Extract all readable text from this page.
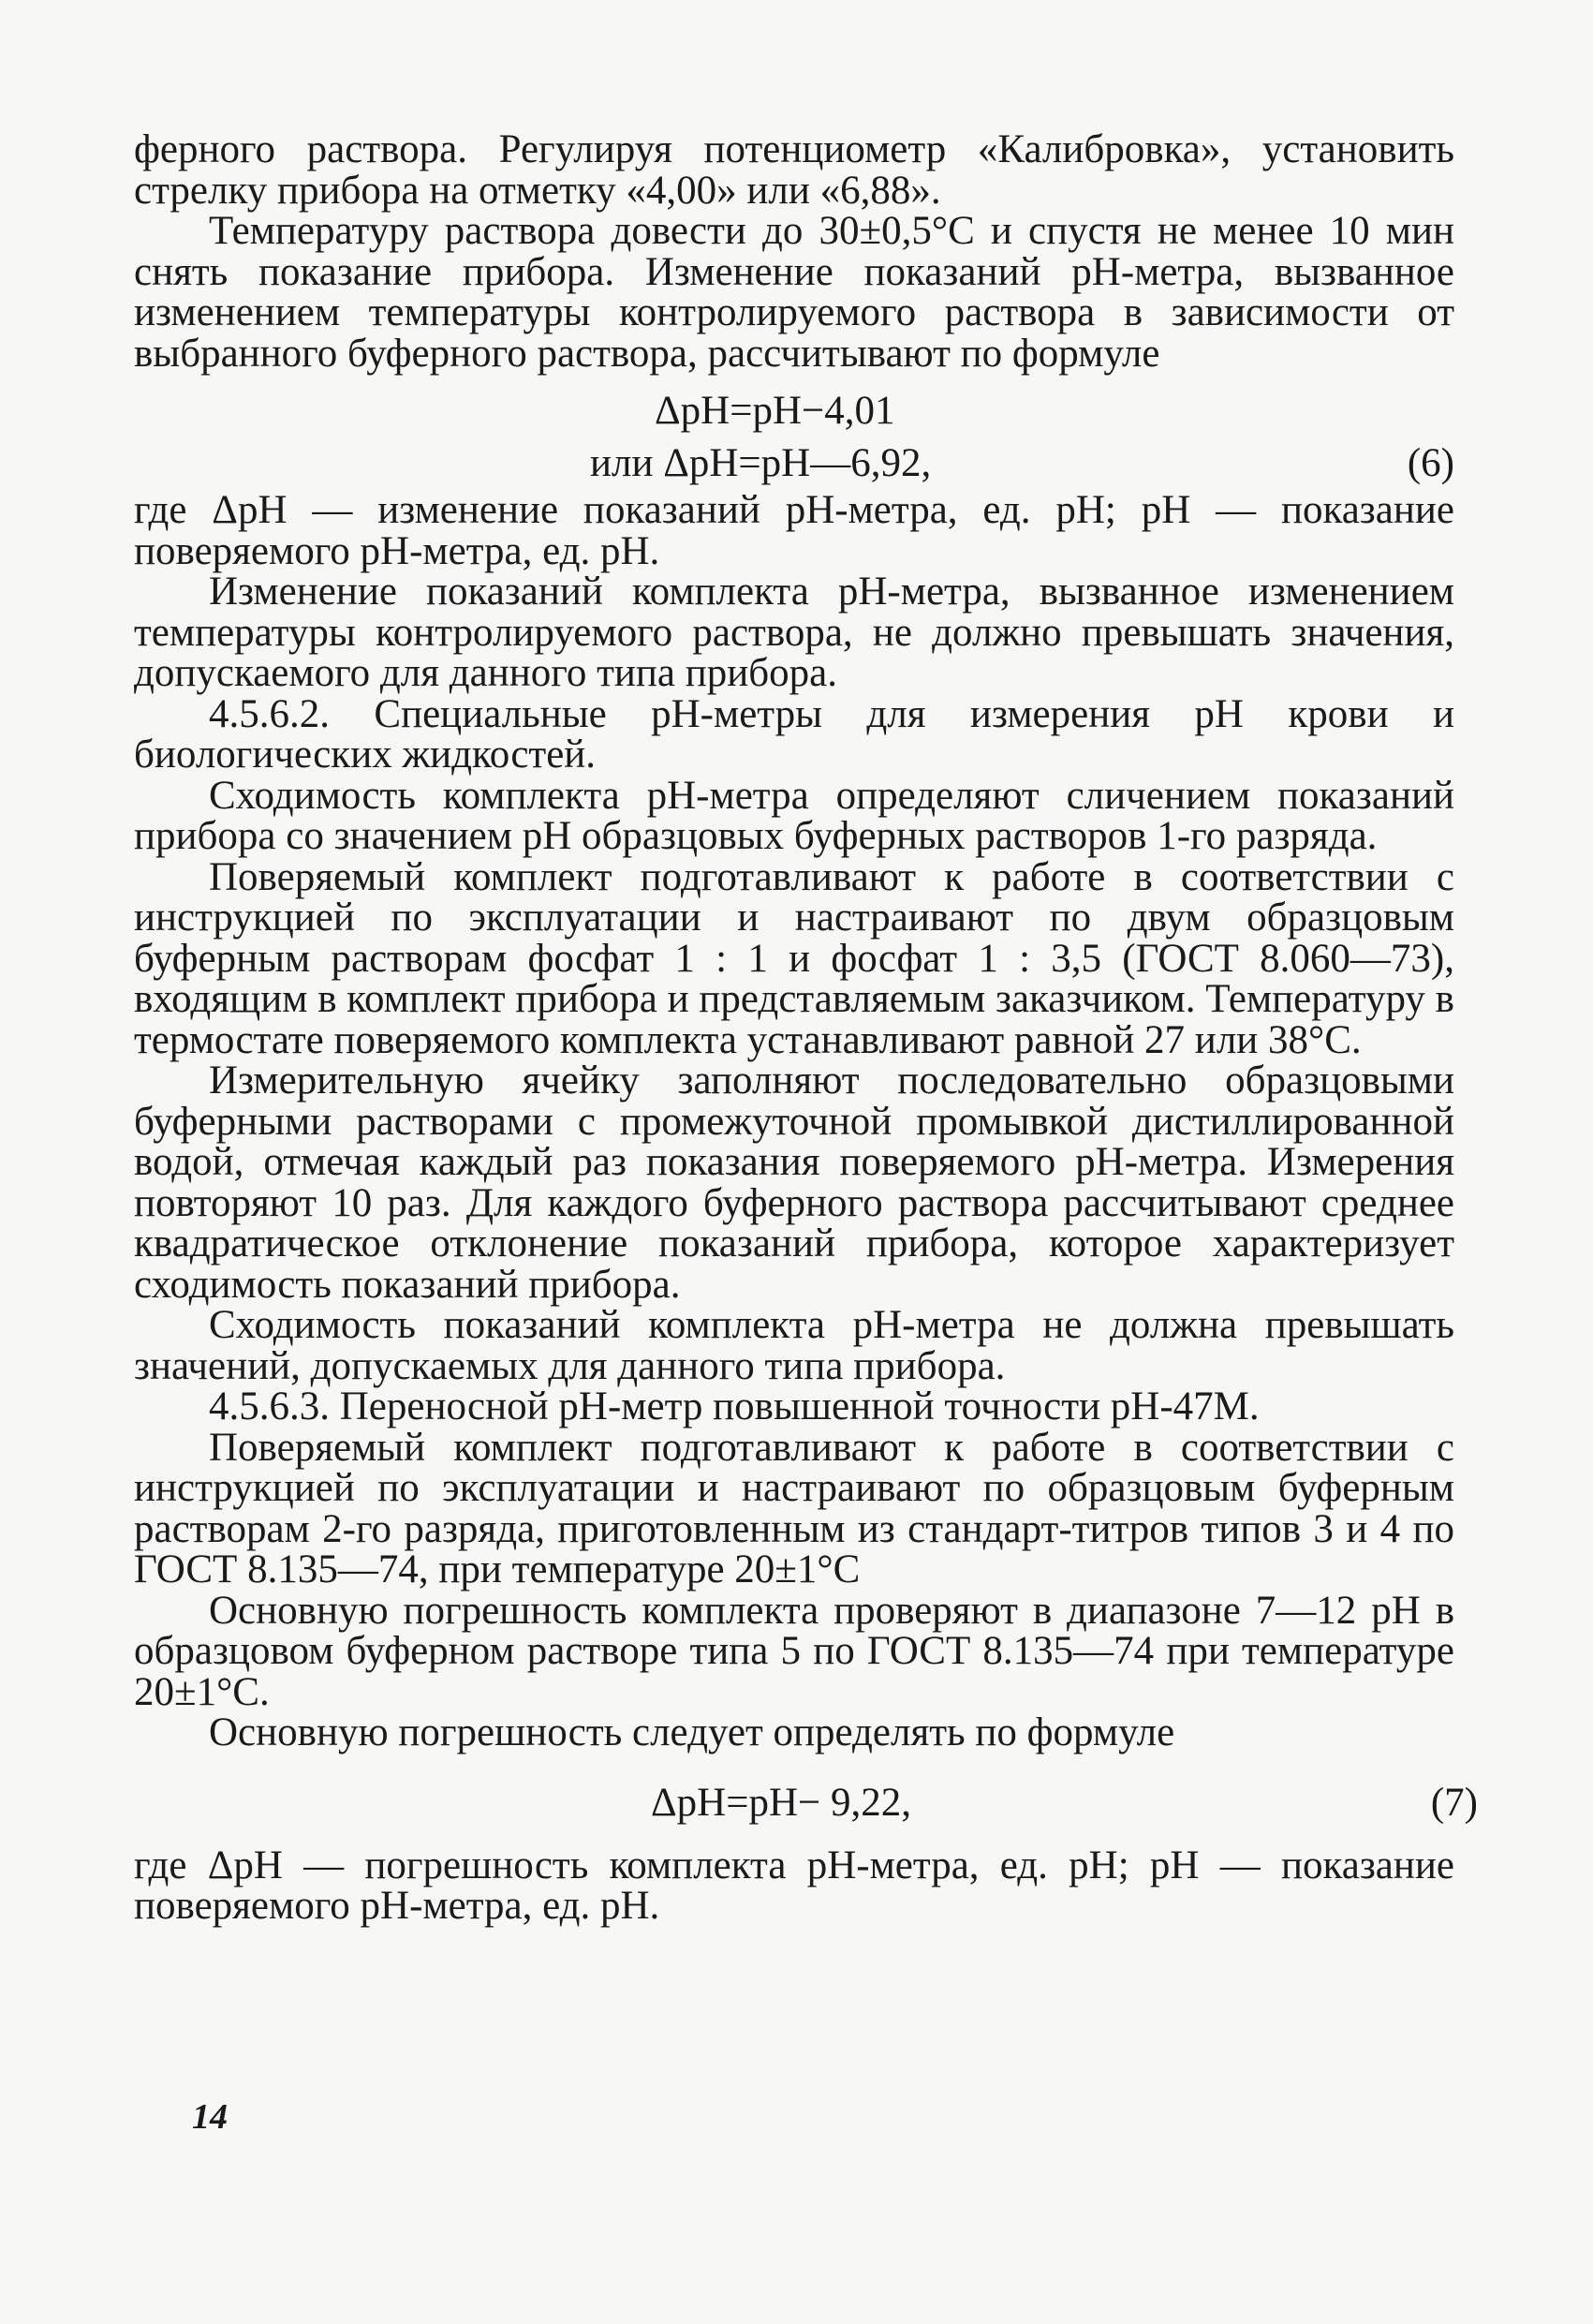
ферного раствора. Регулируя потенциометр «Калибровка», установить стрелку прибора на отметку «4,00» или «6,88».

Температуру раствора довести до 30±0,5°С и спустя не менее 10 мин снять показание прибора. Изменение показаний рН-метра, вызванное изменением температуры контролируемого раствора в зависимости от выбранного буферного раствора, рассчитывают по формуле

ΔpH=pH−4,01
или ΔpH=pH—6,92,	(6)

где ΔрН — изменение показаний рН-метра, ед. рН; рН — показание поверяемого рН-метра, ед. рН.

Изменение показаний комплекта рН-метра, вызванное изменением температуры контролируемого раствора, не должно превышать значения, допускаемого для данного типа прибора.

4.5.6.2. Специальные рН-метры для измерения рН крови и биологических жидкостей.

Сходимость комплекта рН-метра определяют сличением показаний прибора со значением рН образцовых буферных растворов 1-го разряда.

Поверяемый комплект подготавливают к работе в соответствии с инструкцией по эксплуатации и настраивают по двум образцовым буферным растворам фосфат 1 : 1 и фосфат 1 : 3,5 (ГОСТ 8.060—73), входящим в комплект прибора и представляемым заказчиком. Температуру в термостате поверяемого комплекта устанавливают равной 27 или 38°С.

Измерительную ячейку заполняют последовательно образцовыми буферными растворами с промежуточной промывкой дистиллированной водой, отмечая каждый раз показания поверяемого рН-метра. Измерения повторяют 10 раз. Для каждого буферного раствора рассчитывают среднее квадратическое отклонение показаний прибора, которое характеризует сходимость показаний прибора.

Сходимость показаний комплекта рН-метра не должна превышать значений, допускаемых для данного типа прибора.

4.5.6.3. Переносной рН-метр повышенной точности рН-47М.

Поверяемый комплект подготавливают к работе в соответствии с инструкцией по эксплуатации и настраивают по образцовым буферным растворам 2-го разряда, приготовленным из стандарт-титров типов 3 и 4 по ГОСТ 8.135—74, при температуре 20±1°С

Основную погрешность комплекта проверяют в диапазоне 7—12 рН в образцовом буферном растворе типа 5 по ГОСТ 8.135—74 при температуре 20±1°С.

Основную погрешность следует определять по формуле

ΔpH=pH− 9,22,	(7)

где ΔрН — погрешность комплекта рН-метра, ед. рН; рН — показание поверяемого рН-метра, ед. рН.

14
